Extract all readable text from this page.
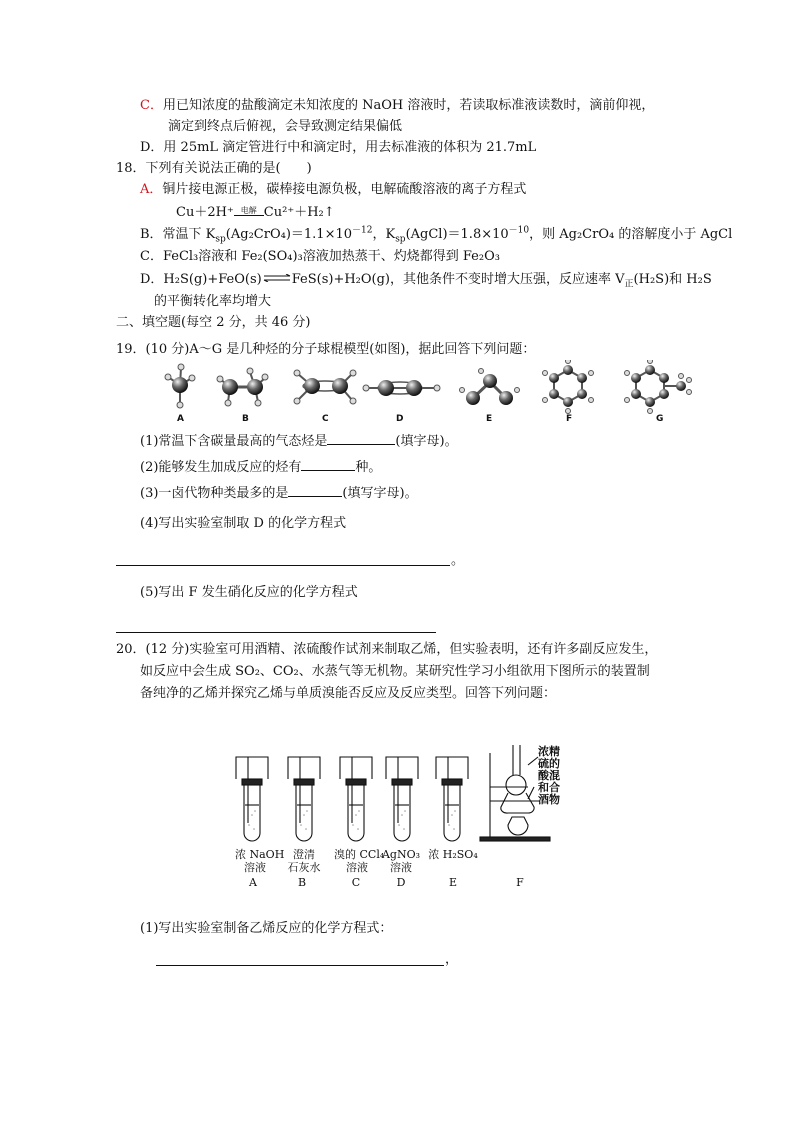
C．用已知浓度的盐酸滴定未知浓度的 NaOH 溶液时，若读取标准液读数时，滴前仰视，
滴定到终点后俯视，会导致测定结果偏低
D．用 25mL 滴定管进行中和滴定时，用去标准液的体积为 21.7mL
18．下列有关说法正确的是(　　)
A．铜片接电源正极，碳棒接电源负极，电解硫酸溶液的离子方程式
Cu＋2H⁺ 电解 Cu²⁺＋H₂↑
B．常温下 $K_{sp}(Ag_2CrO_4)=1.1\times 10^{-12}$，$K_{sp}(AgCl)=1.8\times 10^{-10}$，则 Ag₂CrO₄ 的溶解度小于 AgCl
C．FeCl₃溶液和 Fe₂(SO₄)₃溶液加热蒸干、灼烧都得到 Fe₂O₃
D．H₂S(g)+FeO(s)⇌FeS(s)+H₂O(g)，其他条件不变时增大压强，反应速率 $V_正(H_2S)$和 H₂S
的平衡转化率均增大
二、填空题(每空 2 分，共 46 分)
19．(10 分)A～G 是几种烃的分子球棍模型(如图)，据此回答下列问题：
A	B	C	D	E	F	G
(1)常温下含碳量最高的气态烃是	(填字母)。
(2)能够发生加成反应的烃有	种。
(3)一卤代物种类最多的是	(填写字母)。
(4)写出实验室制取 D 的化学方程式
。
(5)写出 F 发生硝化反应的化学方程式
20．(12 分)实验室可用酒精、浓硫酸作试剂来制取乙烯，但实验表明，还有许多副反应发生，
如反应中会生成 SO₂、CO₂、水蒸气等无机物。某研究性学习小组欲用下图所示的装置制
备纯净的乙烯并探究乙烯与单质溴能否反应及反应类型。回答下列问题：
浓 NaOH
溶液
澄清
石灰水
溴的 CCl₄
溶液
AgNO₃
溶液
浓 H₂SO₄
A	B	C	D	E	F
浓精
硫的
酸混
和合
酒物
(1)写出实验室制备乙烯反应的化学方程式：
，
